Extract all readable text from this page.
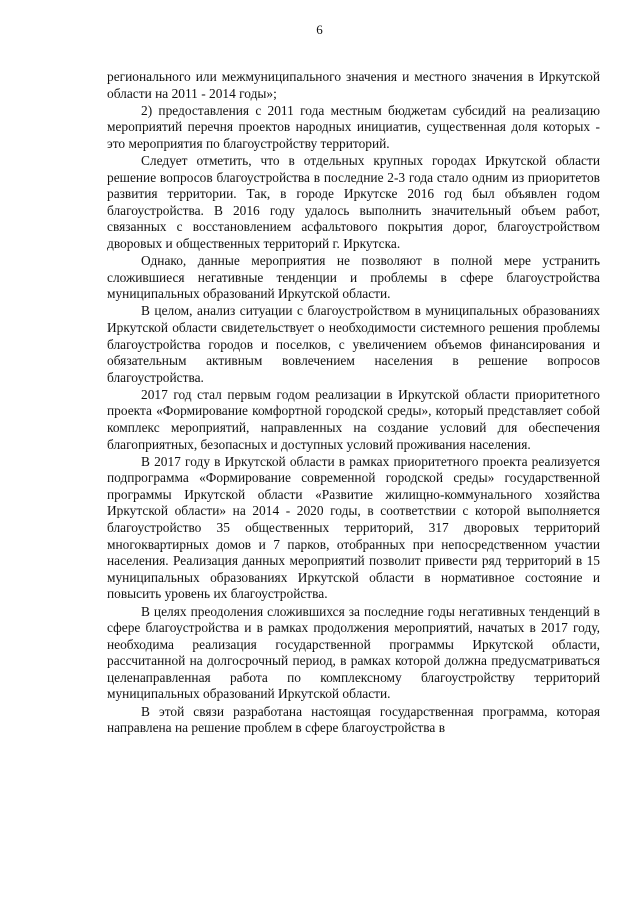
6

регионального или межмуниципального значения и местного значения в Иркутской области на 2011 - 2014 годы»;

2) предоставления с 2011 года местным бюджетам субсидий на реализацию мероприятий перечня проектов народных инициатив, существенная доля которых - это мероприятия по благоустройству территорий.

Следует отметить, что в отдельных крупных городах Иркутской области решение вопросов благоустройства в последние 2-3 года стало одним из приоритетов развития территории. Так, в городе Иркутске 2016 год был объявлен годом благоустройства. В 2016 году удалось выполнить значительный объем работ, связанных с восстановлением асфальтового покрытия дорог, благоустройством дворовых и общественных территорий г. Иркутска.

Однако, данные мероприятия не позволяют в полной мере устранить сложившиеся негативные тенденции и проблемы в сфере благоустройства муниципальных образований Иркутской области.

В целом, анализ ситуации с благоустройством в муниципальных образованиях Иркутской области свидетельствует о необходимости системного решения проблемы благоустройства городов и поселков, с увеличением объемов финансирования и обязательным активным вовлечением населения в решение вопросов благоустройства.

2017 год стал первым годом реализации в Иркутской области приоритетного проекта «Формирование комфортной городской среды», который представляет собой комплекс мероприятий, направленных на создание условий для обеспечения благоприятных, безопасных и доступных условий проживания населения.

В 2017 году в Иркутской области в рамках приоритетного проекта реализуется подпрограмма «Формирование современной городской среды» государственной программы Иркутской области «Развитие жилищно-коммунального хозяйства Иркутской области» на 2014 - 2020 годы, в соответствии с которой выполняется благоустройство 35 общественных территорий, 317 дворовых территорий многоквартирных домов и 7 парков, отобранных при непосредственном участии населения. Реализация данных мероприятий позволит привести ряд территорий в 15 муниципальных образованиях Иркутской области в нормативное состояние и повысить уровень их благоустройства.

В целях преодоления сложившихся за последние годы негативных тенденций в сфере благоустройства и в рамках продолжения мероприятий, начатых в 2017 году, необходима реализация государственной программы Иркутской области, рассчитанной на долгосрочный период, в рамках которой должна предусматриваться целенаправленная работа по комплексному благоустройству территорий муниципальных образований Иркутской области.

В этой связи разработана настоящая государственная программа, которая направлена на решение проблем в сфере благоустройства в
